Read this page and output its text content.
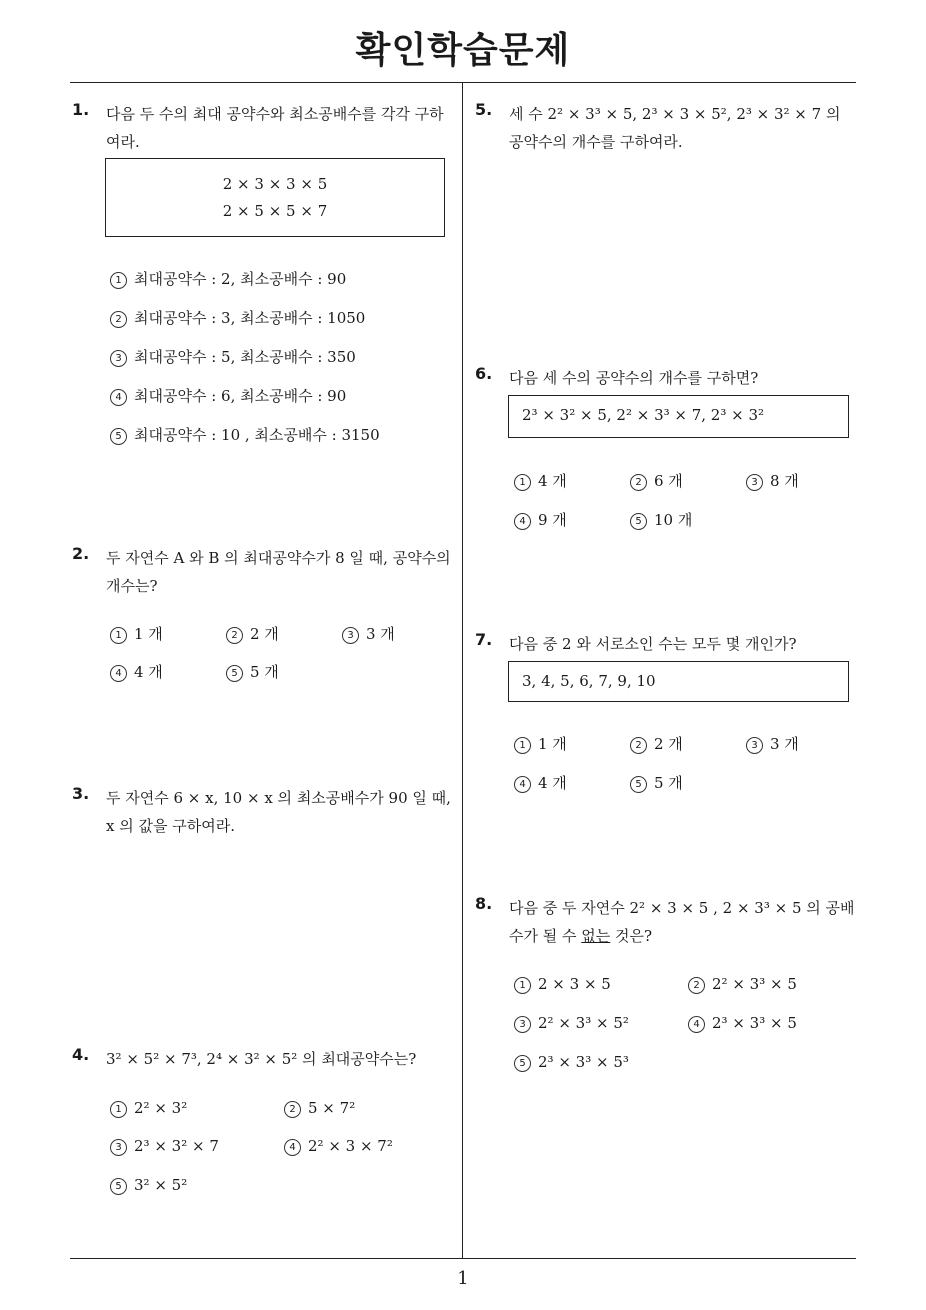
확인학습문제
1
1. 다음 두 수의 최대 공약수와 최소공배수를 각각 구하여라.
2 × 3 × 3 × 5
2 × 5 × 5 × 7
1 최대공약수 : 2, 최소공배수 : 90
2 최대공약수 : 3, 최소공배수 : 1050
3 최대공약수 : 5, 최소공배수 : 350
4 최대공약수 : 6, 최소공배수 : 90
5 최대공약수 : 10 , 최소공배수 : 3150
2. 두 자연수 A 와 B 의 최대공약수가 8 일 때, 공약수의 개수는?
1 1 개	2 2 개	3 3 개
4 4 개	5 5 개
3. 두 자연수 6 × x, 10 × x 의 최소공배수가 90 일 때, x 의 값을 구하여라.
4. 3² × 5² × 7³, 2⁴ × 3² × 5² 의 최대공약수는?
1 2² × 3²	2 5 × 7²
3 2³ × 3² × 7	4 2² × 3 × 7²
5 3² × 5²
5. 세 수 2² × 3³ × 5, 2³ × 3 × 5², 2³ × 3² × 7 의 공약수의 개수를 구하여라.
6. 다음 세 수의 공약수의 개수를 구하면?
2³ × 3² × 5, 2² × 3³ × 7, 2³ × 3²
1 4 개	2 6 개	3 8 개
4 9 개	5 10 개
7. 다음 중 2 와 서로소인 수는 모두 몇 개인가?
3, 4, 5, 6, 7, 9, 10
1 1 개	2 2 개	3 3 개
4 4 개	5 5 개
8. 다음 중 두 자연수 2² × 3 × 5 , 2 × 3³ × 5 의 공배수가 될 수 없는 것은?
1 2 × 3 × 5	2 2² × 3³ × 5
3 2² × 3³ × 5²	4 2³ × 3³ × 5
5 2³ × 3³ × 5³
